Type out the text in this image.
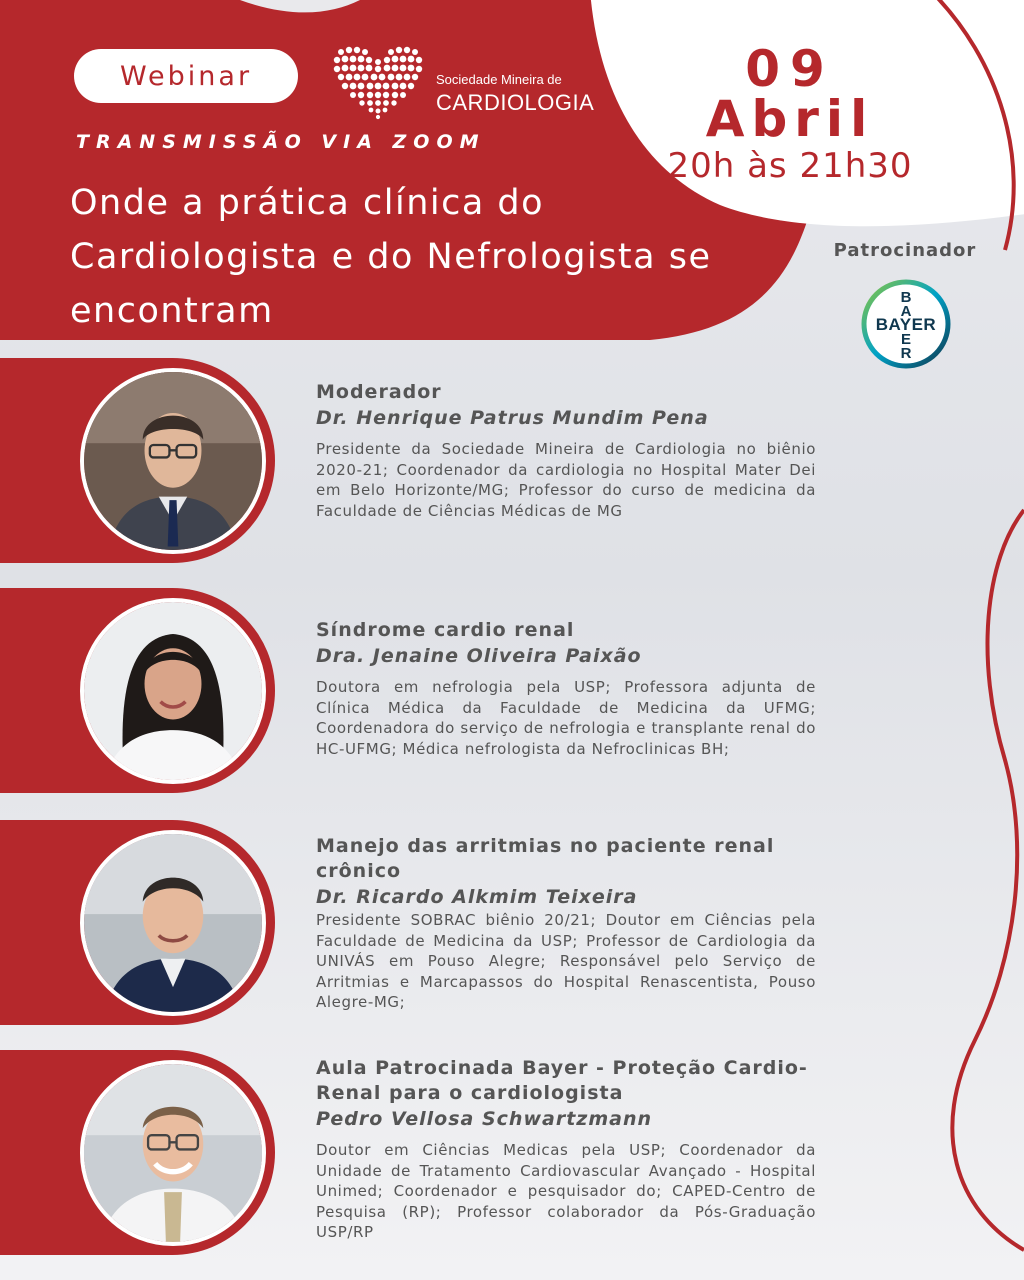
Webinar	Sociedade Mineira de
CARDIOLOGIA
TRANSMISSÃO VIA ZOOM
Onde a prática clínica do Cardiologista e do Nefrologista se encontram
09
Abril
20h às 21h30
Patrocinador
BAYER
B
A
E
R
Moderador
Dr. Henrique Patrus Mundim Pena
Presidente da Sociedade Mineira de Cardiologia no biênio 2020-21; Coordenador da cardiologia no Hospital Mater Dei em Belo Horizonte/MG; Professor do curso de medicina da Faculdade de Ciências Médicas de MG
Síndrome cardio renal
Dra. Jenaine Oliveira Paixão
Doutora em nefrologia pela USP; Professora adjunta de Clínica Médica da Faculdade de Medicina da UFMG; Coordenadora do serviço de nefrologia e transplante renal do HC-UFMG; Médica nefrologista da Nefroclinicas BH;
Manejo das arritmias no paciente renal crônico
Dr. Ricardo Alkmim Teixeira
Presidente SOBRAC biênio 20/21; Doutor em Ciências pela Faculdade de Medicina da USP; Professor de Cardiologia da UNIVÁS em Pouso Alegre; Responsável pelo Serviço de Arritmias e Marcapassos do Hospital Renascentista, Pouso Alegre-MG;
Aula Patrocinada Bayer - Proteção Cardio-Renal para o cardiologista
Pedro Vellosa Schwartzmann
Doutor em Ciências Medicas pela USP; Coordenador da Unidade de Tratamento Cardiovascular Avançado - Hospital Unimed; Coordenador e pesquisador do; CAPED-Centro de Pesquisa (RP); Professor colaborador da Pós-Graduação USP/RP
